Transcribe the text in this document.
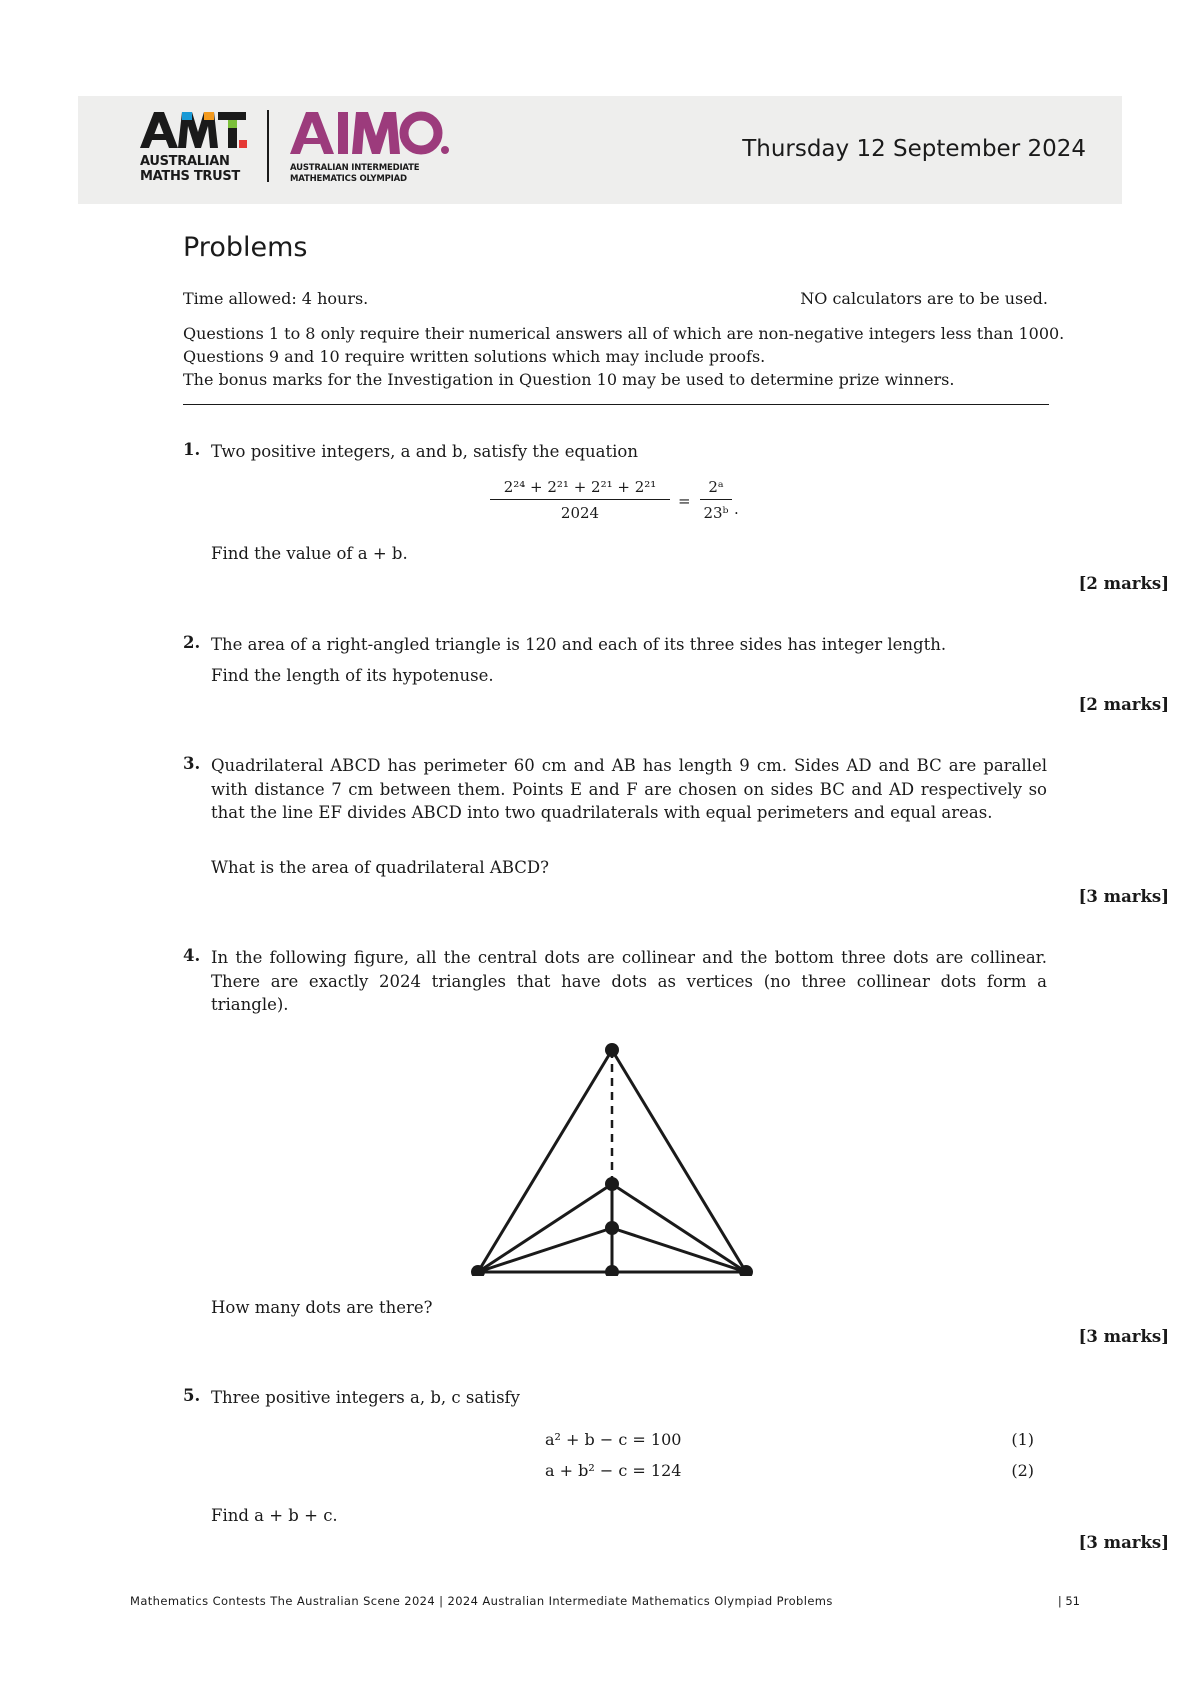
AUSTRALIAN
MATHS TRUST
AUSTRALIAN INTERMEDIATE
MATHEMATICS OLYMPIAD
Thursday 12 September 2024
Problems
Time allowed: 4 hours.	NO calculators are to be used.
Questions 1 to 8 only require their numerical answers all of which are non-negative integers less than 1000.
Questions 9 and 10 require written solutions which may include proofs.
The bonus marks for the Investigation in Question 10 may be used to determine prize winners.
1. Two positive integers, a and b, satisfy the equation
2²⁴ + 2²¹ + 2²¹ + 2²¹
2024
=
2ᵃ
23ᵇ .
Find the value of a + b.
[2 marks]
2. The area of a right-angled triangle is 120 and each of its three sides has integer length.
Find the length of its hypotenuse.
[2 marks]
3. Quadrilateral ABCD has perimeter 60 cm and AB has length 9 cm. Sides AD and BC are parallel with distance 7 cm between them. Points E and F are chosen on sides BC and AD respectively so that the line EF divides ABCD into two quadrilaterals with equal perimeters and equal areas.
What is the area of quadrilateral ABCD?
[3 marks]
4. In the following figure, all the central dots are collinear and the bottom three dots are collinear. There are exactly 2024 triangles that have dots as vertices (no three collinear dots form a triangle).
How many dots are there?
[3 marks]
5. Three positive integers a, b, c satisfy
a² + b − c = 100	(1)
a + b² − c = 124	(2)
Find a + b + c.
[3 marks]
Mathematics Contests The Australian Scene 2024 | 2024 Australian Intermediate Mathematics Olympiad Problems	| 51
